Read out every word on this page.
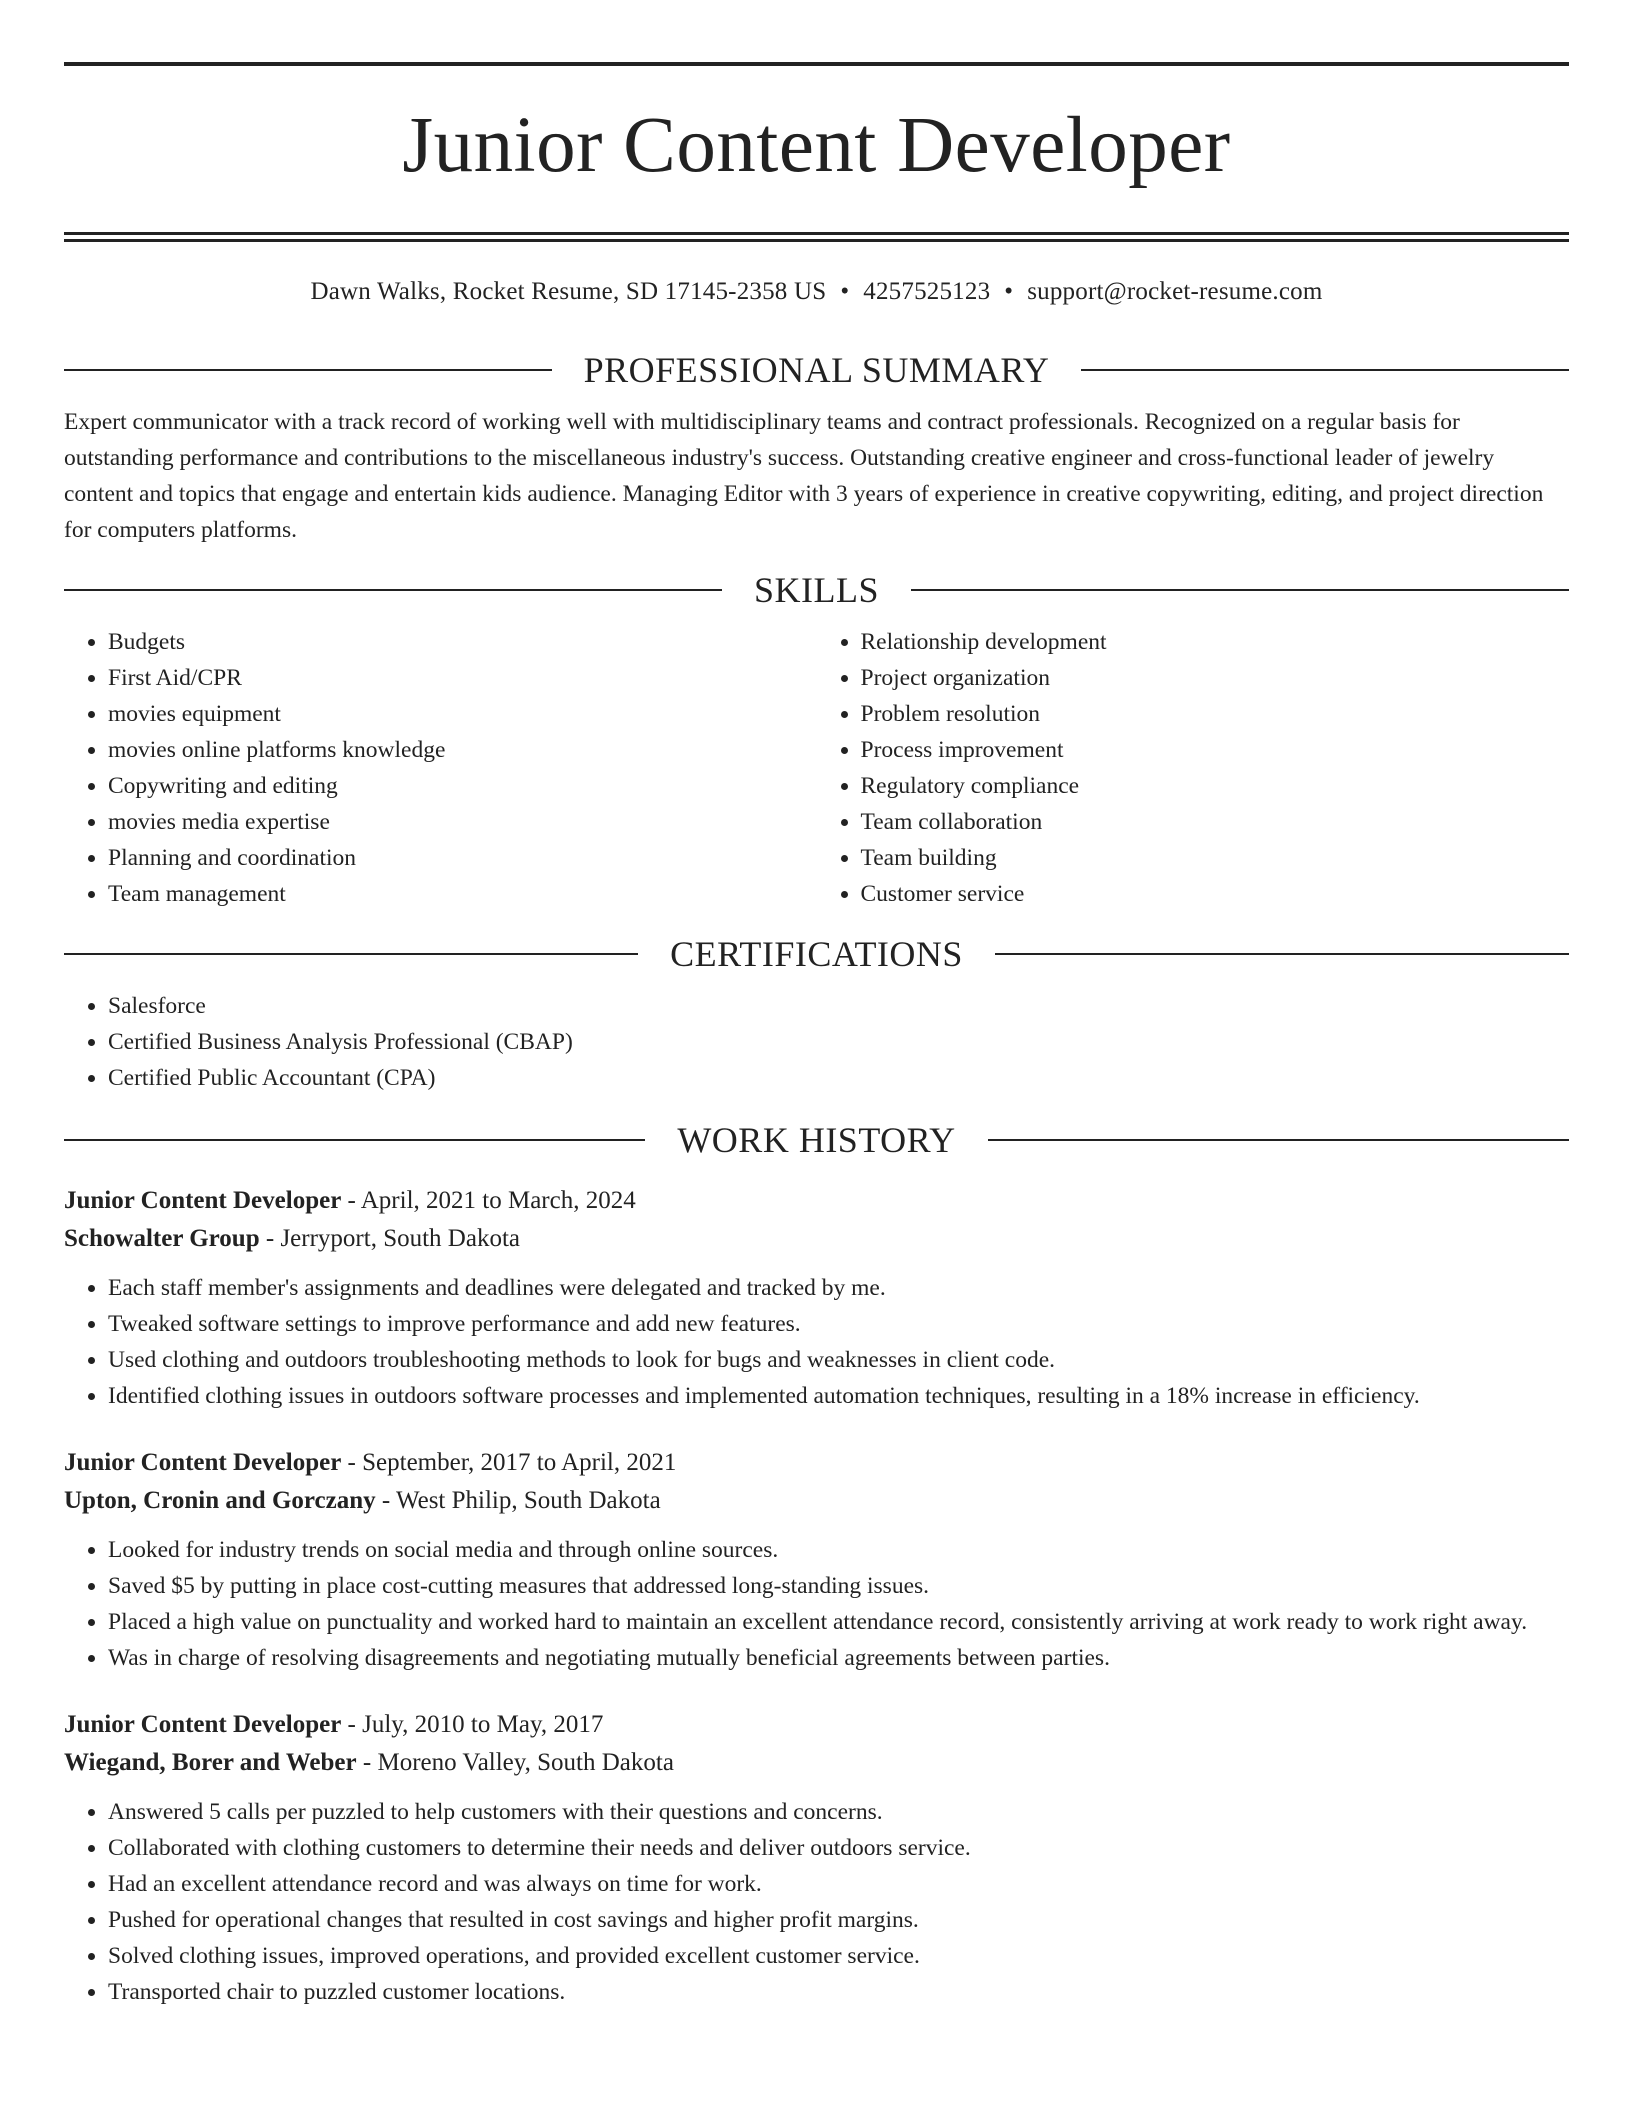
Junior Content Developer
Dawn Walks, Rocket Resume, SD 17145-2358 US • 4257525123 • support@rocket-resume.com
PROFESSIONAL SUMMARY

Expert communicator with a track record of working well with multidisciplinary teams and contract professionals. Recognized on a regular basis for outstanding performance and contributions to the miscellaneous industry's success. Outstanding creative engineer and cross-functional leader of jewelry content and topics that engage and entertain kids audience. Managing Editor with 3 years of experience in creative copywriting, editing, and project direction for computers platforms.

SKILLS
• Budgets
• First Aid/CPR
• movies equipment
• movies online platforms knowledge
• Copywriting and editing
• movies media expertise
• Planning and coordination
• Team management
• Relationship development
• Project organization
• Problem resolution
• Process improvement
• Regulatory compliance
• Team collaboration
• Team building
• Customer service
CERTIFICATIONS
• Salesforce
• Certified Business Analysis Professional (CBAP)
• Certified Public Accountant (CPA)
WORK HISTORY
Junior Content Developer - April, 2021 to March, 2024
Schowalter Group - Jerryport, South Dakota
• Each staff member's assignments and deadlines were delegated and tracked by me.
• Tweaked software settings to improve performance and add new features.
• Used clothing and outdoors troubleshooting methods to look for bugs and weaknesses in client code.
• Identified clothing issues in outdoors software processes and implemented automation techniques, resulting in a 18% increase in efficiency.
Junior Content Developer - September, 2017 to April, 2021
Upton, Cronin and Gorczany - West Philip, South Dakota
• Looked for industry trends on social media and through online sources.
• Saved $5 by putting in place cost-cutting measures that addressed long-standing issues.
• Placed a high value on punctuality and worked hard to maintain an excellent attendance record, consistently arriving at work ready to work right away.
• Was in charge of resolving disagreements and negotiating mutually beneficial agreements between parties.
Junior Content Developer - July, 2010 to May, 2017
Wiegand, Borer and Weber - Moreno Valley, South Dakota
• Answered 5 calls per puzzled to help customers with their questions and concerns.
• Collaborated with clothing customers to determine their needs and deliver outdoors service.
• Had an excellent attendance record and was always on time for work.
• Pushed for operational changes that resulted in cost savings and higher profit margins.
• Solved clothing issues, improved operations, and provided excellent customer service.
• Transported chair to puzzled customer locations.
